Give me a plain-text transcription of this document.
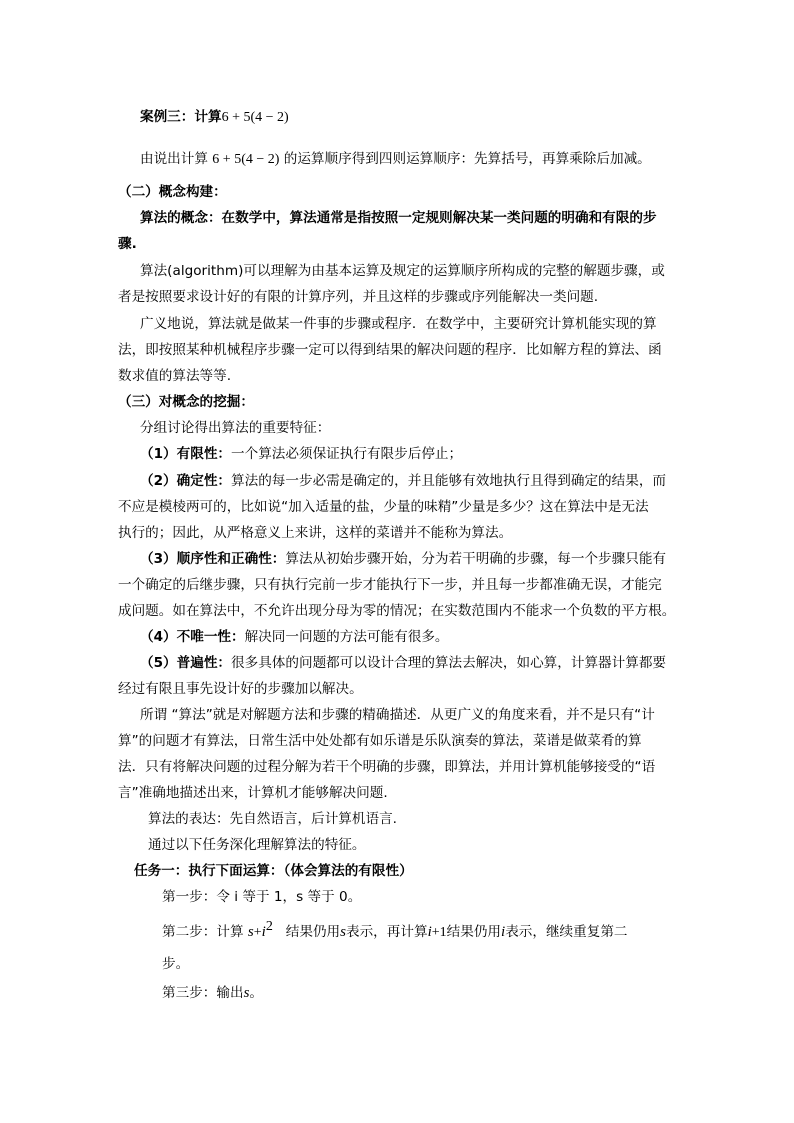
案例三：计算6 + 5(4 − 2)
由说出计算 6 + 5(4 − 2) 的运算顺序得到四则运算顺序：先算括号，再算乘除后加减。
（二）概念构建：
算法的概念：在数学中，算法通常是指按照一定规则解决某一类问题的明确和有限的步
骤.
算法(algorithm)可以理解为由基本运算及规定的运算顺序所构成的完整的解题步骤，或
者是按照要求设计好的有限的计算序列，并且这样的步骤或序列能解决一类问题.
广义地说，算法就是做某一件事的步骤或程序．在数学中，主要研究计算机能实现的算
法，即按照某种机械程序步骤一定可以得到结果的解决问题的程序．比如解方程的算法、函
数求值的算法等等.
（三）对概念的挖掘：
分组讨论得出算法的重要特征：
（1）有限性：一个算法必须保证执行有限步后停止；
（2）确定性：算法的每一步必需是确定的，并且能够有效地执行且得到确定的结果，而
不应是模棱两可的，比如说“加入适量的盐，少量的味精”少量是多少？这在算法中是无法
执行的；因此，从严格意义上来讲，这样的菜谱并不能称为算法。
（3）顺序性和正确性：算法从初始步骤开始，分为若干明确的步骤，每一个步骤只能有
一个确定的后继步骤，只有执行完前一步才能执行下一步，并且每一步都准确无误，才能完
成问题。如在算法中，不允许出现分母为零的情况；在实数范围内不能求一个负数的平方根。
（4）不唯一性：解决同一问题的方法可能有很多。
（5）普遍性：很多具体的问题都可以设计合理的算法去解决，如心算，计算器计算都要
经过有限且事先设计好的步骤加以解决。
所谓 “算法”就是对解题方法和步骤的精确描述．从更广义的角度来看，并不是只有“计
算”的问题才有算法，日常生活中处处都有如乐谱是乐队演奏的算法，菜谱是做菜肴的算
法．只有将解决问题的过程分解为若干个明确的步骤，即算法，并用计算机能够接受的“语
言”准确地描述出来，计算机才能够解决问题.
算法的表达：先自然语言，后计算机语言.
通过以下任务深化理解算法的特征。
任务一：执行下面运算：（体会算法的有限性）
第一步：令 i 等于 1，s 等于 0。
第二步：计算 $s+i^2$ 结果仍用s表示，再计算i+1结果仍用i表示，继续重复第二
步。
第三步：输出s。
